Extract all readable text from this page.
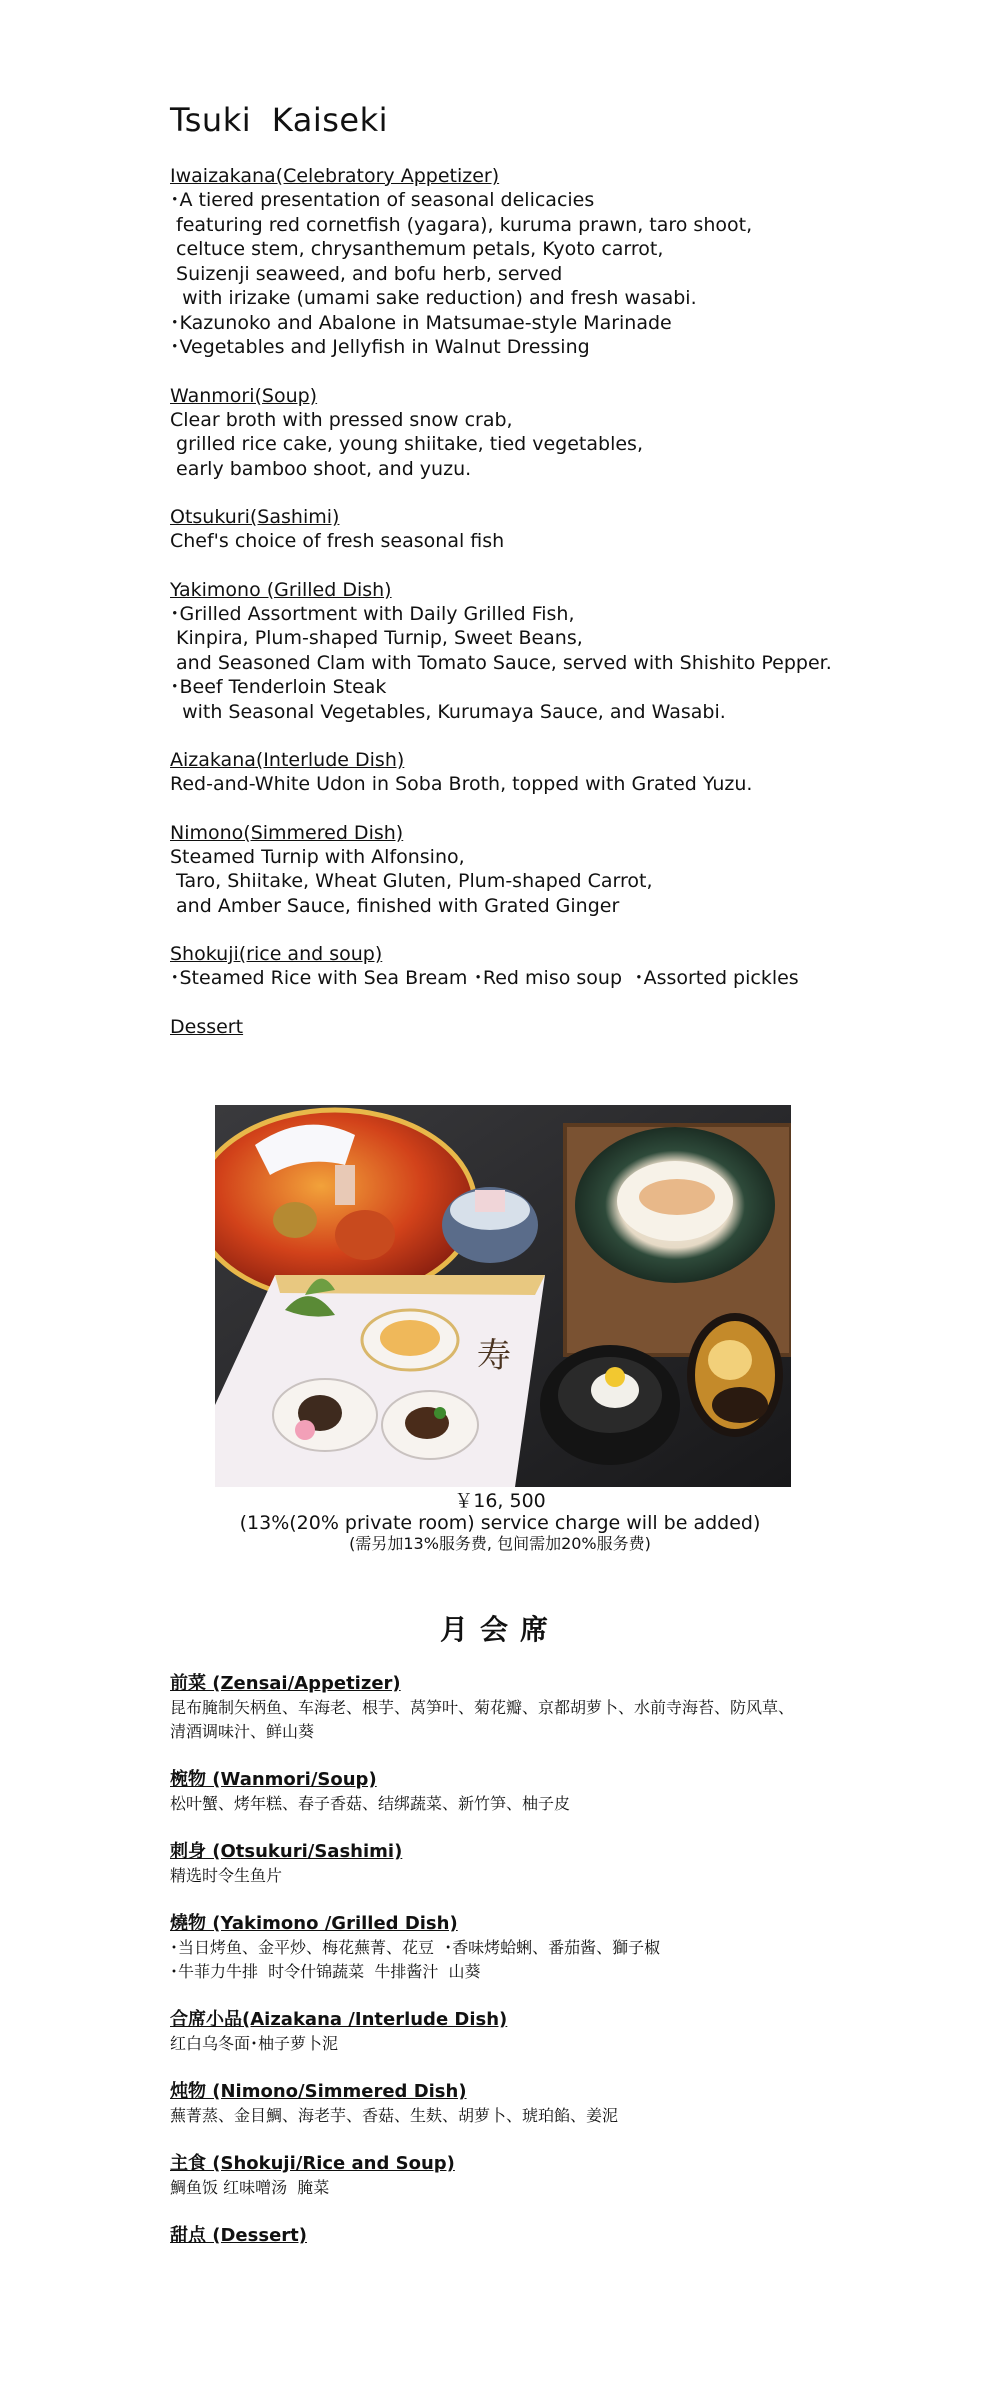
Tsuki Kaiseki
Iwaizakana(Celebratory Appetizer)
･A tiered presentation of seasonal delicacies
featuring red cornetfish (yagara), kuruma prawn, taro shoot,
celtuce stem, chrysanthemum petals, Kyoto carrot,
Suizenji seaweed, and bofu herb, served
with irizake (umami sake reduction) and fresh wasabi.
･Kazunoko and Abalone in Matsumae-style Marinade
･Vegetables and Jellyfish in Walnut Dressing
Wanmori(Soup)
Clear broth with pressed snow crab,
grilled rice cake, young shiitake, tied vegetables,
early bamboo shoot, and yuzu.
Otsukuri(Sashimi)
Chef's choice of fresh seasonal fish
Yakimono (Grilled Dish)
･Grilled Assortment with Daily Grilled Fish,
Kinpira, Plum-shaped Turnip, Sweet Beans,
and Seasoned Clam with Tomato Sauce, served with Shishito Pepper.
･Beef Tenderloin Steak
with Seasonal Vegetables, Kurumaya Sauce, and Wasabi.
Aizakana(Interlude Dish)
Red-and-White Udon in Soba Broth, topped with Grated Yuzu.
Nimono(Simmered Dish)
Steamed Turnip with Alfonsino,
Taro, Shiitake, Wheat Gluten, Plum-shaped Carrot,
and Amber Sauce, finished with Grated Ginger
Shokuji(rice and soup)
･Steamed Rice with Sea Bream ･Red miso soup  ･Assorted pickles
Dessert
寿
￥16, 500
(13%(20% private room) service charge will be added)
(需另加13%服务费, 包间需加20%服务费)
月会席
前菜 (Zensai/Appetizer)
昆布腌制矢柄鱼、车海老、根芋、莴笋叶、菊花瓣、京都胡萝卜、水前寺海苔、防风草、
清酒调味汁、鲜山葵
椀物 (Wanmori/Soup)
松叶蟹、烤年糕、春子香菇、结绑蔬菜、新竹笋、柚子皮
刺身 (Otsukuri/Sashimi)
精选时令生鱼片
燒物 (Yakimono /Grilled Dish)
･当日烤鱼、金平炒、梅花蕪菁、花豆  ･香味烤蛤蜊、番茄酱、獅子椒
･牛菲力牛排  时令什锦蔬菜  牛排酱汁  山葵
合席小品(Aizakana /Interlude Dish)
红白乌冬面･柚子萝卜泥
炖物 (Nimono/Simmered Dish)
蕪菁蒸、金目鯛、海老芋、香菇、生麸、胡萝卜、琥珀餡、姜泥
主食 (Shokuji/Rice and Soup)
鯛鱼饭 红味噌汤  腌菜
甜点 (Dessert)
